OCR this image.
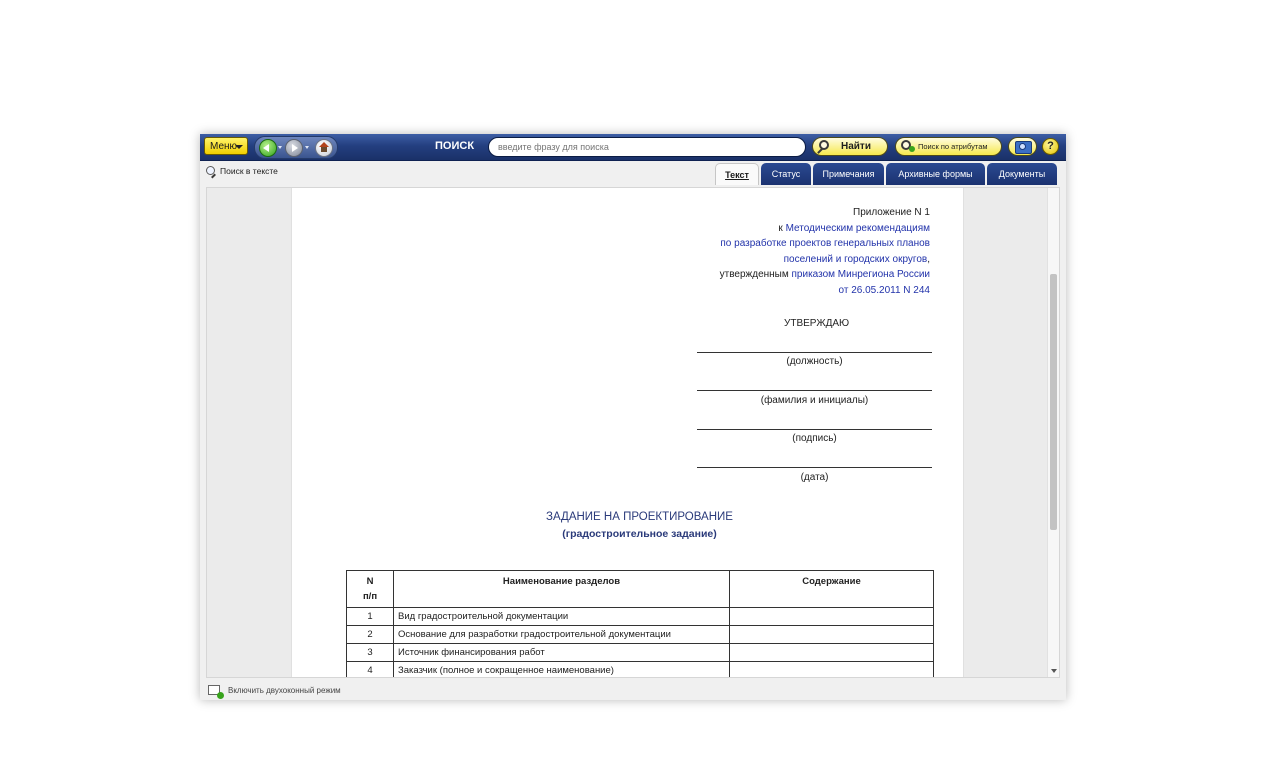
Меню	ПОИСК
введите фразу для поиска	Найти	Поиск по атрибутам	?
Поиск в тексте	Текст	Статус	Примечания	Архивные формы	Документы
Приложение N 1
к Методическим рекомендациям
по разработке проектов генеральных планов
поселений и городских округов,
утвержденным приказом Минрегиона России
от 26.05.2011 N 244
УТВЕРЖДАЮ
(должность)
(фамилия и инициалы)
(подпись)
(дата)
ЗАДАНИЕ НА ПРОЕКТИРОВАНИЕ
(градостроительное задание)
N
п/п	Наименование разделов	Содержание
1	Вид градостроительной документации	
2	Основание для разработки градостроительной документации	
3	Источник финансирования работ	
4	Заказчик (полное и сокращенное наименование)	
Включить двухоконный режим
